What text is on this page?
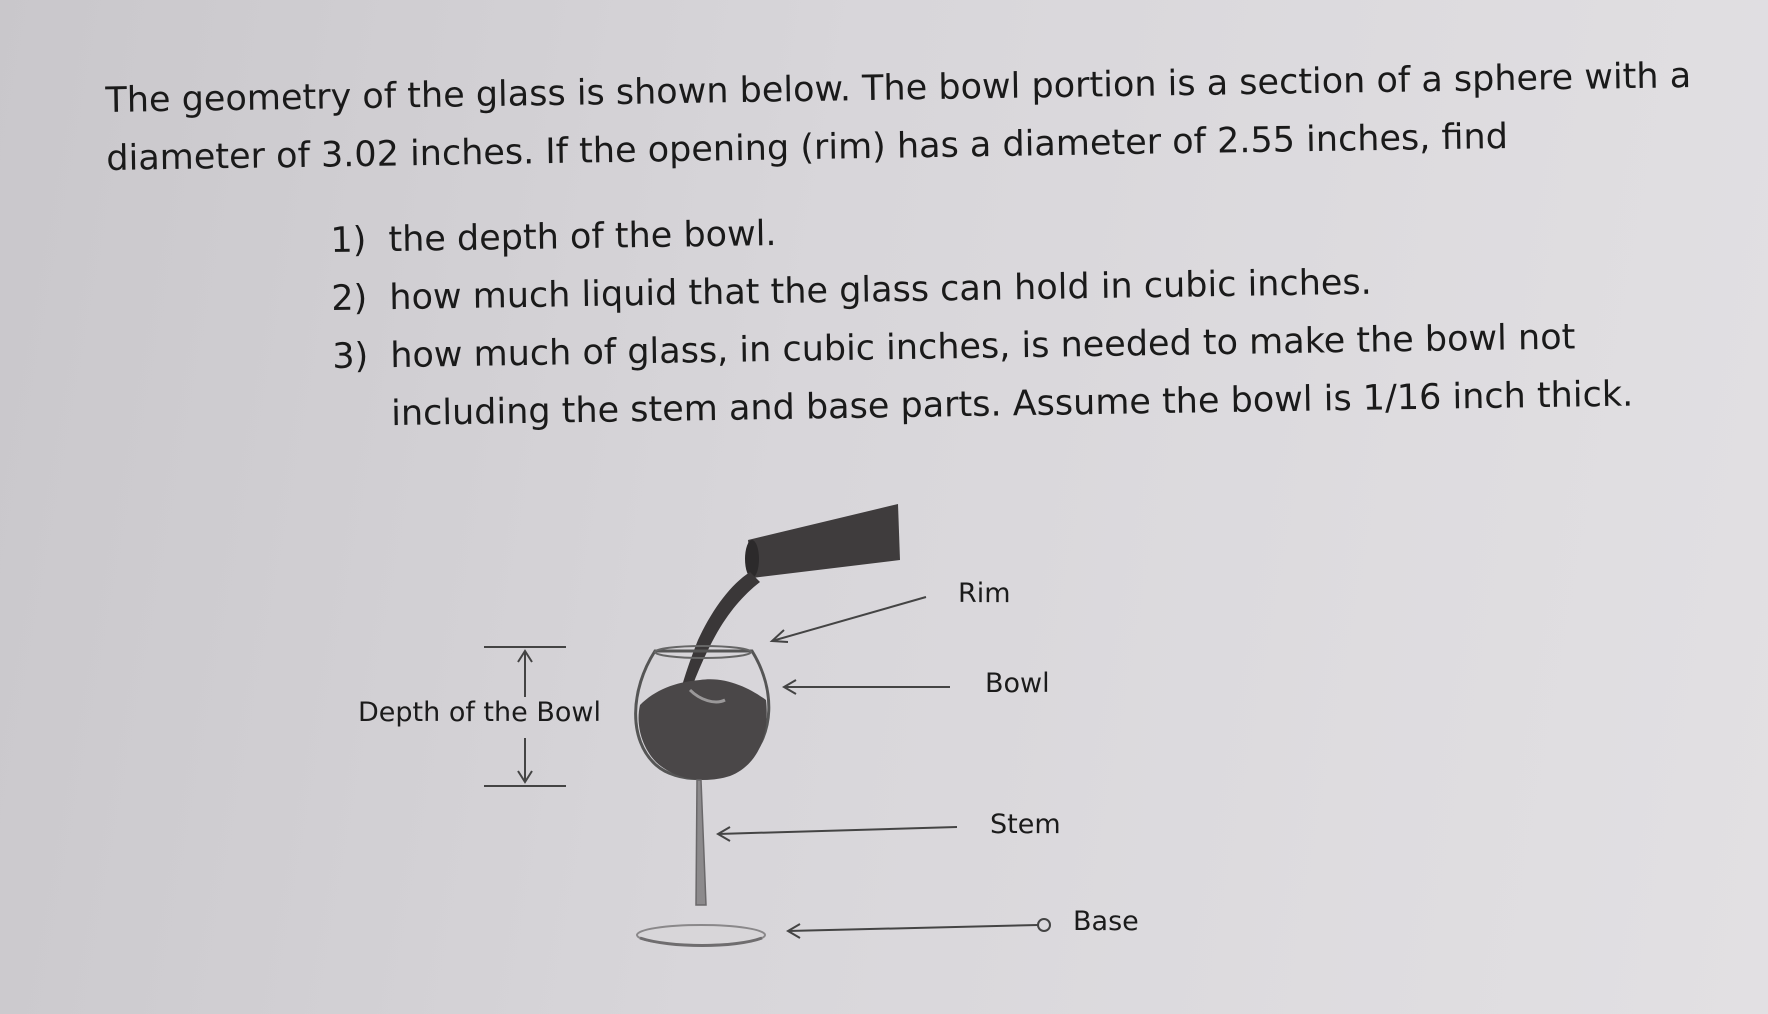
The geometry of the glass is shown below. The bowl portion is a section of a sphere with a diameter of 3.02 inches. If the opening (rim) has a diameter of 2.55 inches, find

1) the depth of the bowl.
2) how much liquid that the glass can hold in cubic inches.
3) how much of glass, in cubic inches, is needed to make the bowl not including the stem and base parts. Assume the bowl is 1/16 inch thick.
Rim
Bowl
Stem
Base
Depth of the Bowl
